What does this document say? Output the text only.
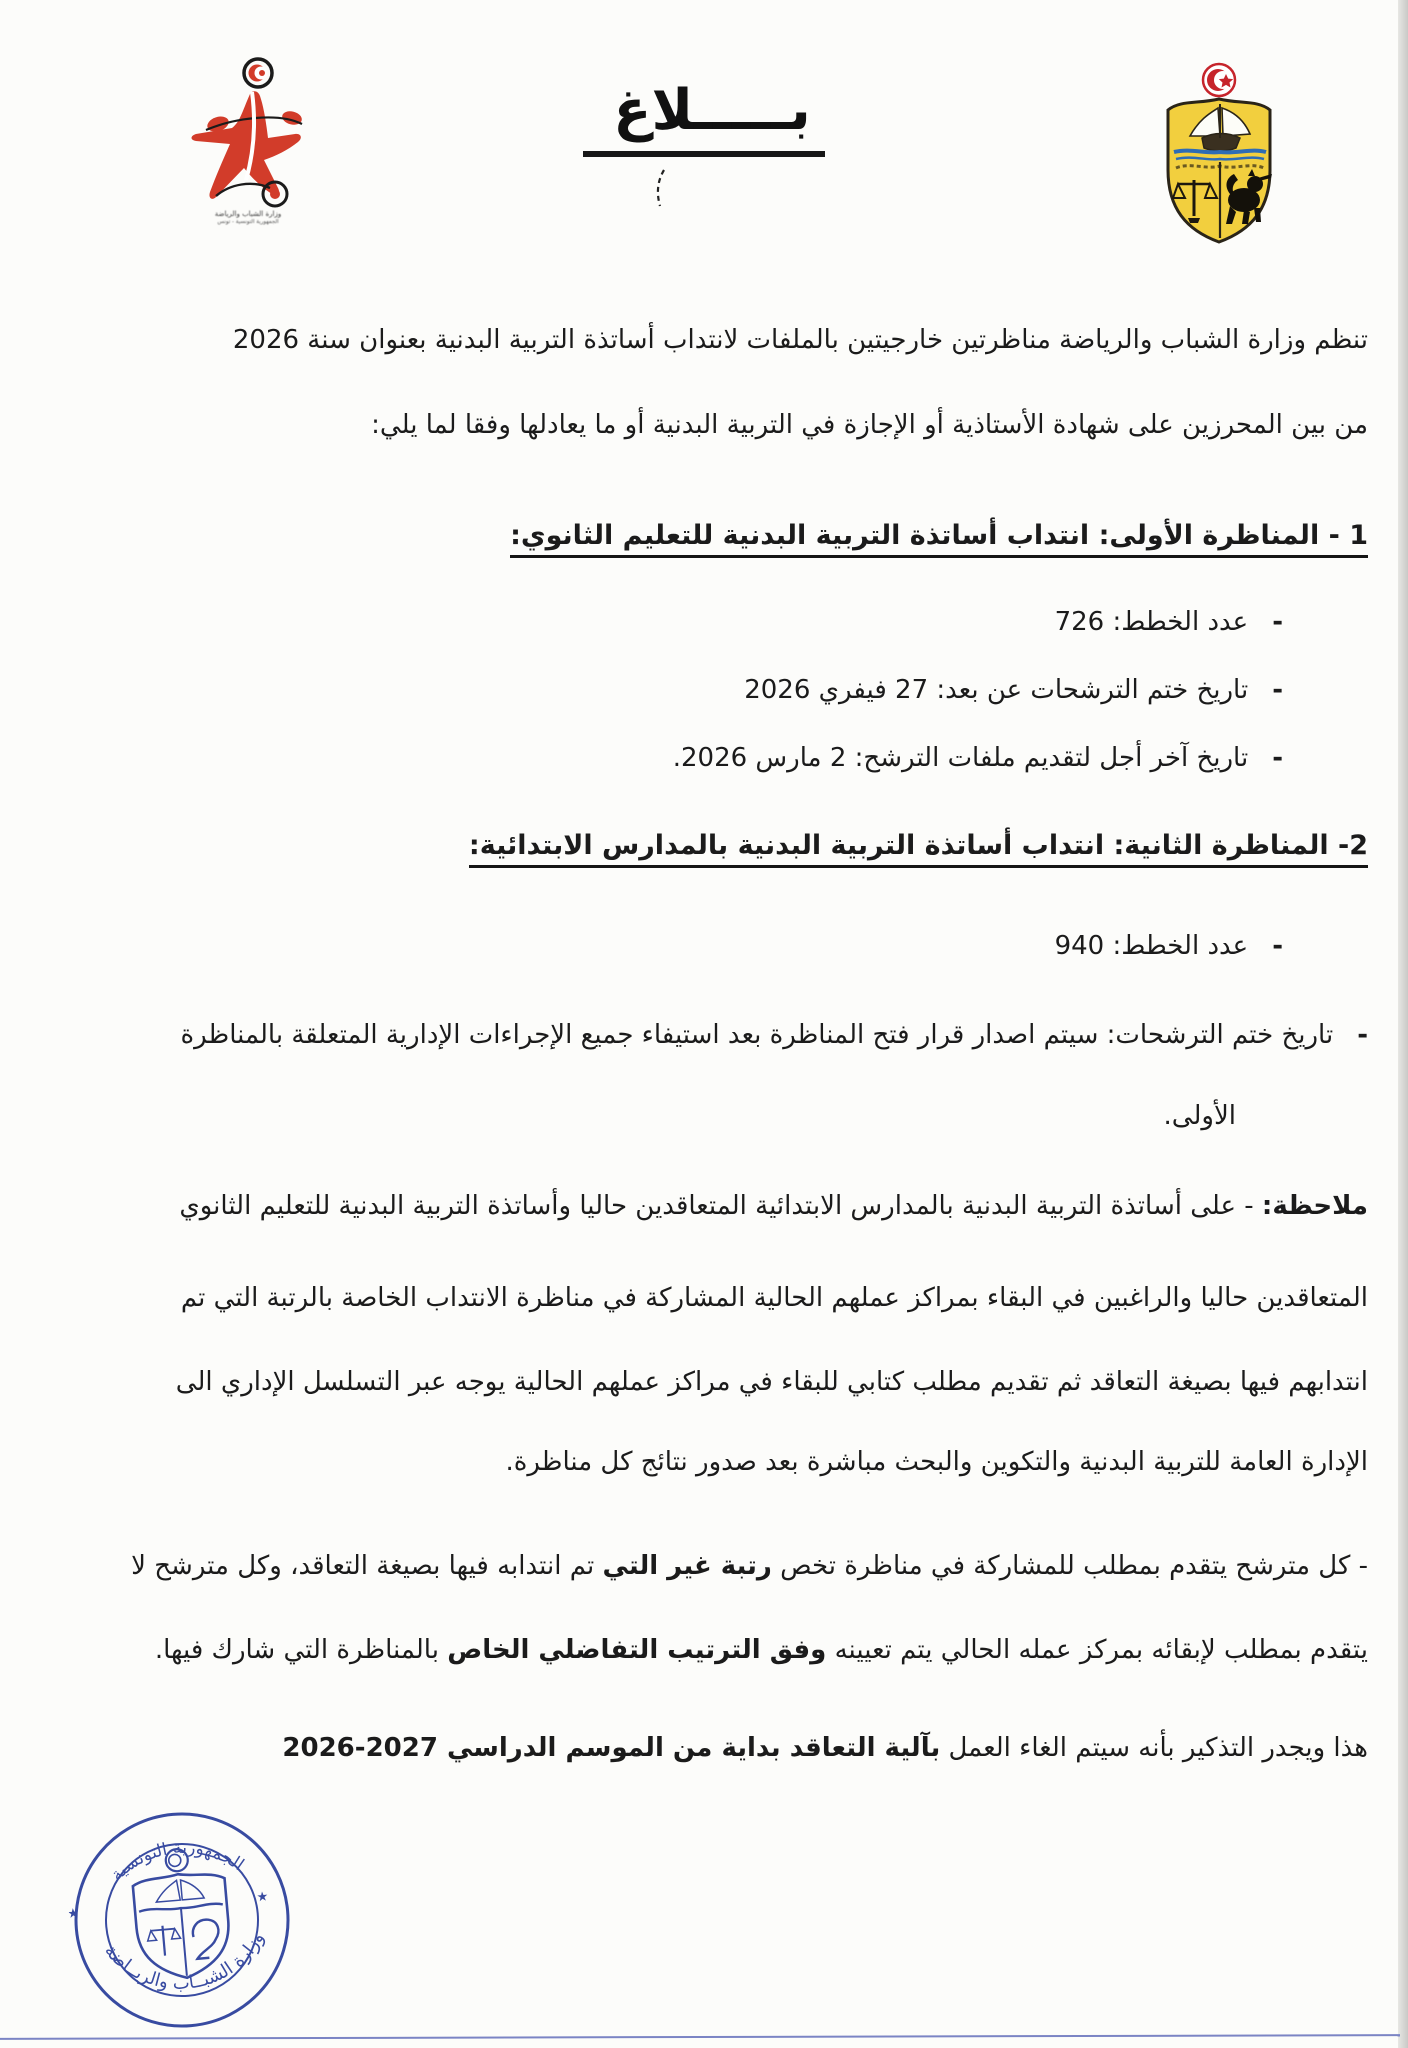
وزارة الشباب والرياضة
الجمهورية التونسية - تونس
بـــــلاغ
تنظم وزارة الشباب والرياضة مناظرتين خارجيتين بالملفات لانتداب أساتذة التربية البدنية بعنوان سنة 2026
من بين المحرزين على شهادة الأستاذية أو الإجازة في التربية البدنية أو ما يعادلها وفقا لما يلي:
1 - المناظرة الأولى: انتداب أساتذة التربية البدنية للتعليم الثانوي:
-عدد الخطط: 726
-تاريخ ختم الترشحات عن بعد: 27 فيفري 2026
-تاريخ آخر أجل لتقديم ملفات الترشح: 2 مارس 2026.
2- المناظرة الثانية: انتداب أساتذة التربية البدنية بالمدارس الابتدائية:
-عدد الخطط: 940
-تاريخ ختم الترشحات: سيتم اصدار قرار فتح المناظرة بعد استيفاء جميع الإجراءات الإدارية المتعلقة بالمناظرة
الأولى.
ملاحظة: - على أساتذة التربية البدنية بالمدارس الابتدائية المتعاقدين حاليا وأساتذة التربية البدنية للتعليم الثانوي
المتعاقدين حاليا والراغبين في البقاء بمراكز عملهم الحالية المشاركة في مناظرة الانتداب الخاصة بالرتبة التي تم
انتدابهم فيها بصيغة التعاقد ثم تقديم مطلب كتابي للبقاء في مراكز عملهم الحالية يوجه عبر التسلسل الإداري الى
الإدارة العامة للتربية البدنية والتكوين والبحث مباشرة بعد صدور نتائج كل مناظرة.
- كل مترشح يتقدم بمطلب للمشاركة في مناظرة تخص رتبة غير التي تم انتدابه فيها بصيغة التعاقد، وكل مترشح لا
يتقدم بمطلب لإبقائه بمركز عمله الحالي يتم تعيينه وفق الترتيب التفاضلي الخاص بالمناظرة التي شارك فيها.
هذا ويجدر التذكير بأنه سيتم الغاء العمل بآلية التعاقد بداية من الموسم الدراسي 2027-2026
الجمهورية التونسية
وزارة الشبــاب والريــاضة
★
★
